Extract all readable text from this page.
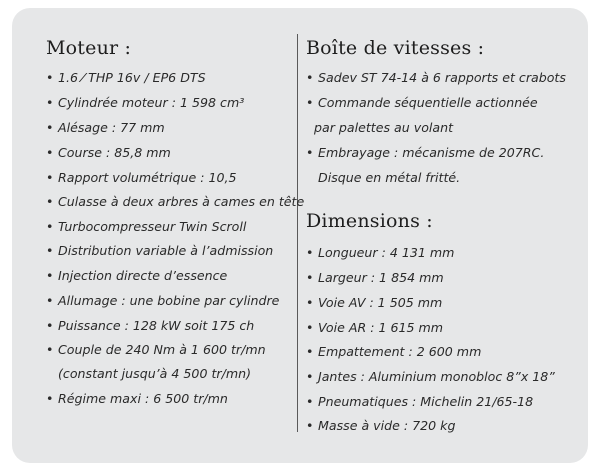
Moteur :
• 1.6 ⁄ THP 16v / EP6 DTS
• Cylindrée moteur : 1 598 cm³
• Alésage : 77 mm
• Course : 85,8 mm
• Rapport volumétrique : 10,5
• Culasse à deux arbres à cames en tête
• Turbocompresseur Twin Scroll
• Distribution variable à l’admission
• Injection directe d’essence
• Allumage : une bobine par cylindre
• Puissance : 128 kW soit 175 ch
• Couple de 240 Nm à 1 600 tr/mn
(constant jusqu’à 4 500 tr/mn)
• Régime maxi : 6 500 tr/mn
Boîte de vitesses :
• Sadev ST 74-14 à 6 rapports et crabots
• Commande séquentielle actionnée
par palettes au volant
• Embrayage : mécanisme de 207RC.
Disque en métal fritté.
Dimensions :
• Longueur : 4 131 mm
• Largeur : 1 854 mm
• Voie AV : 1 505 mm
• Voie AR : 1 615 mm
• Empattement : 2 600 mm
• Jantes : Aluminium monobloc 8”x 18”
• Pneumatiques : Michelin 21/65-18
• Masse à vide : 720 kg
